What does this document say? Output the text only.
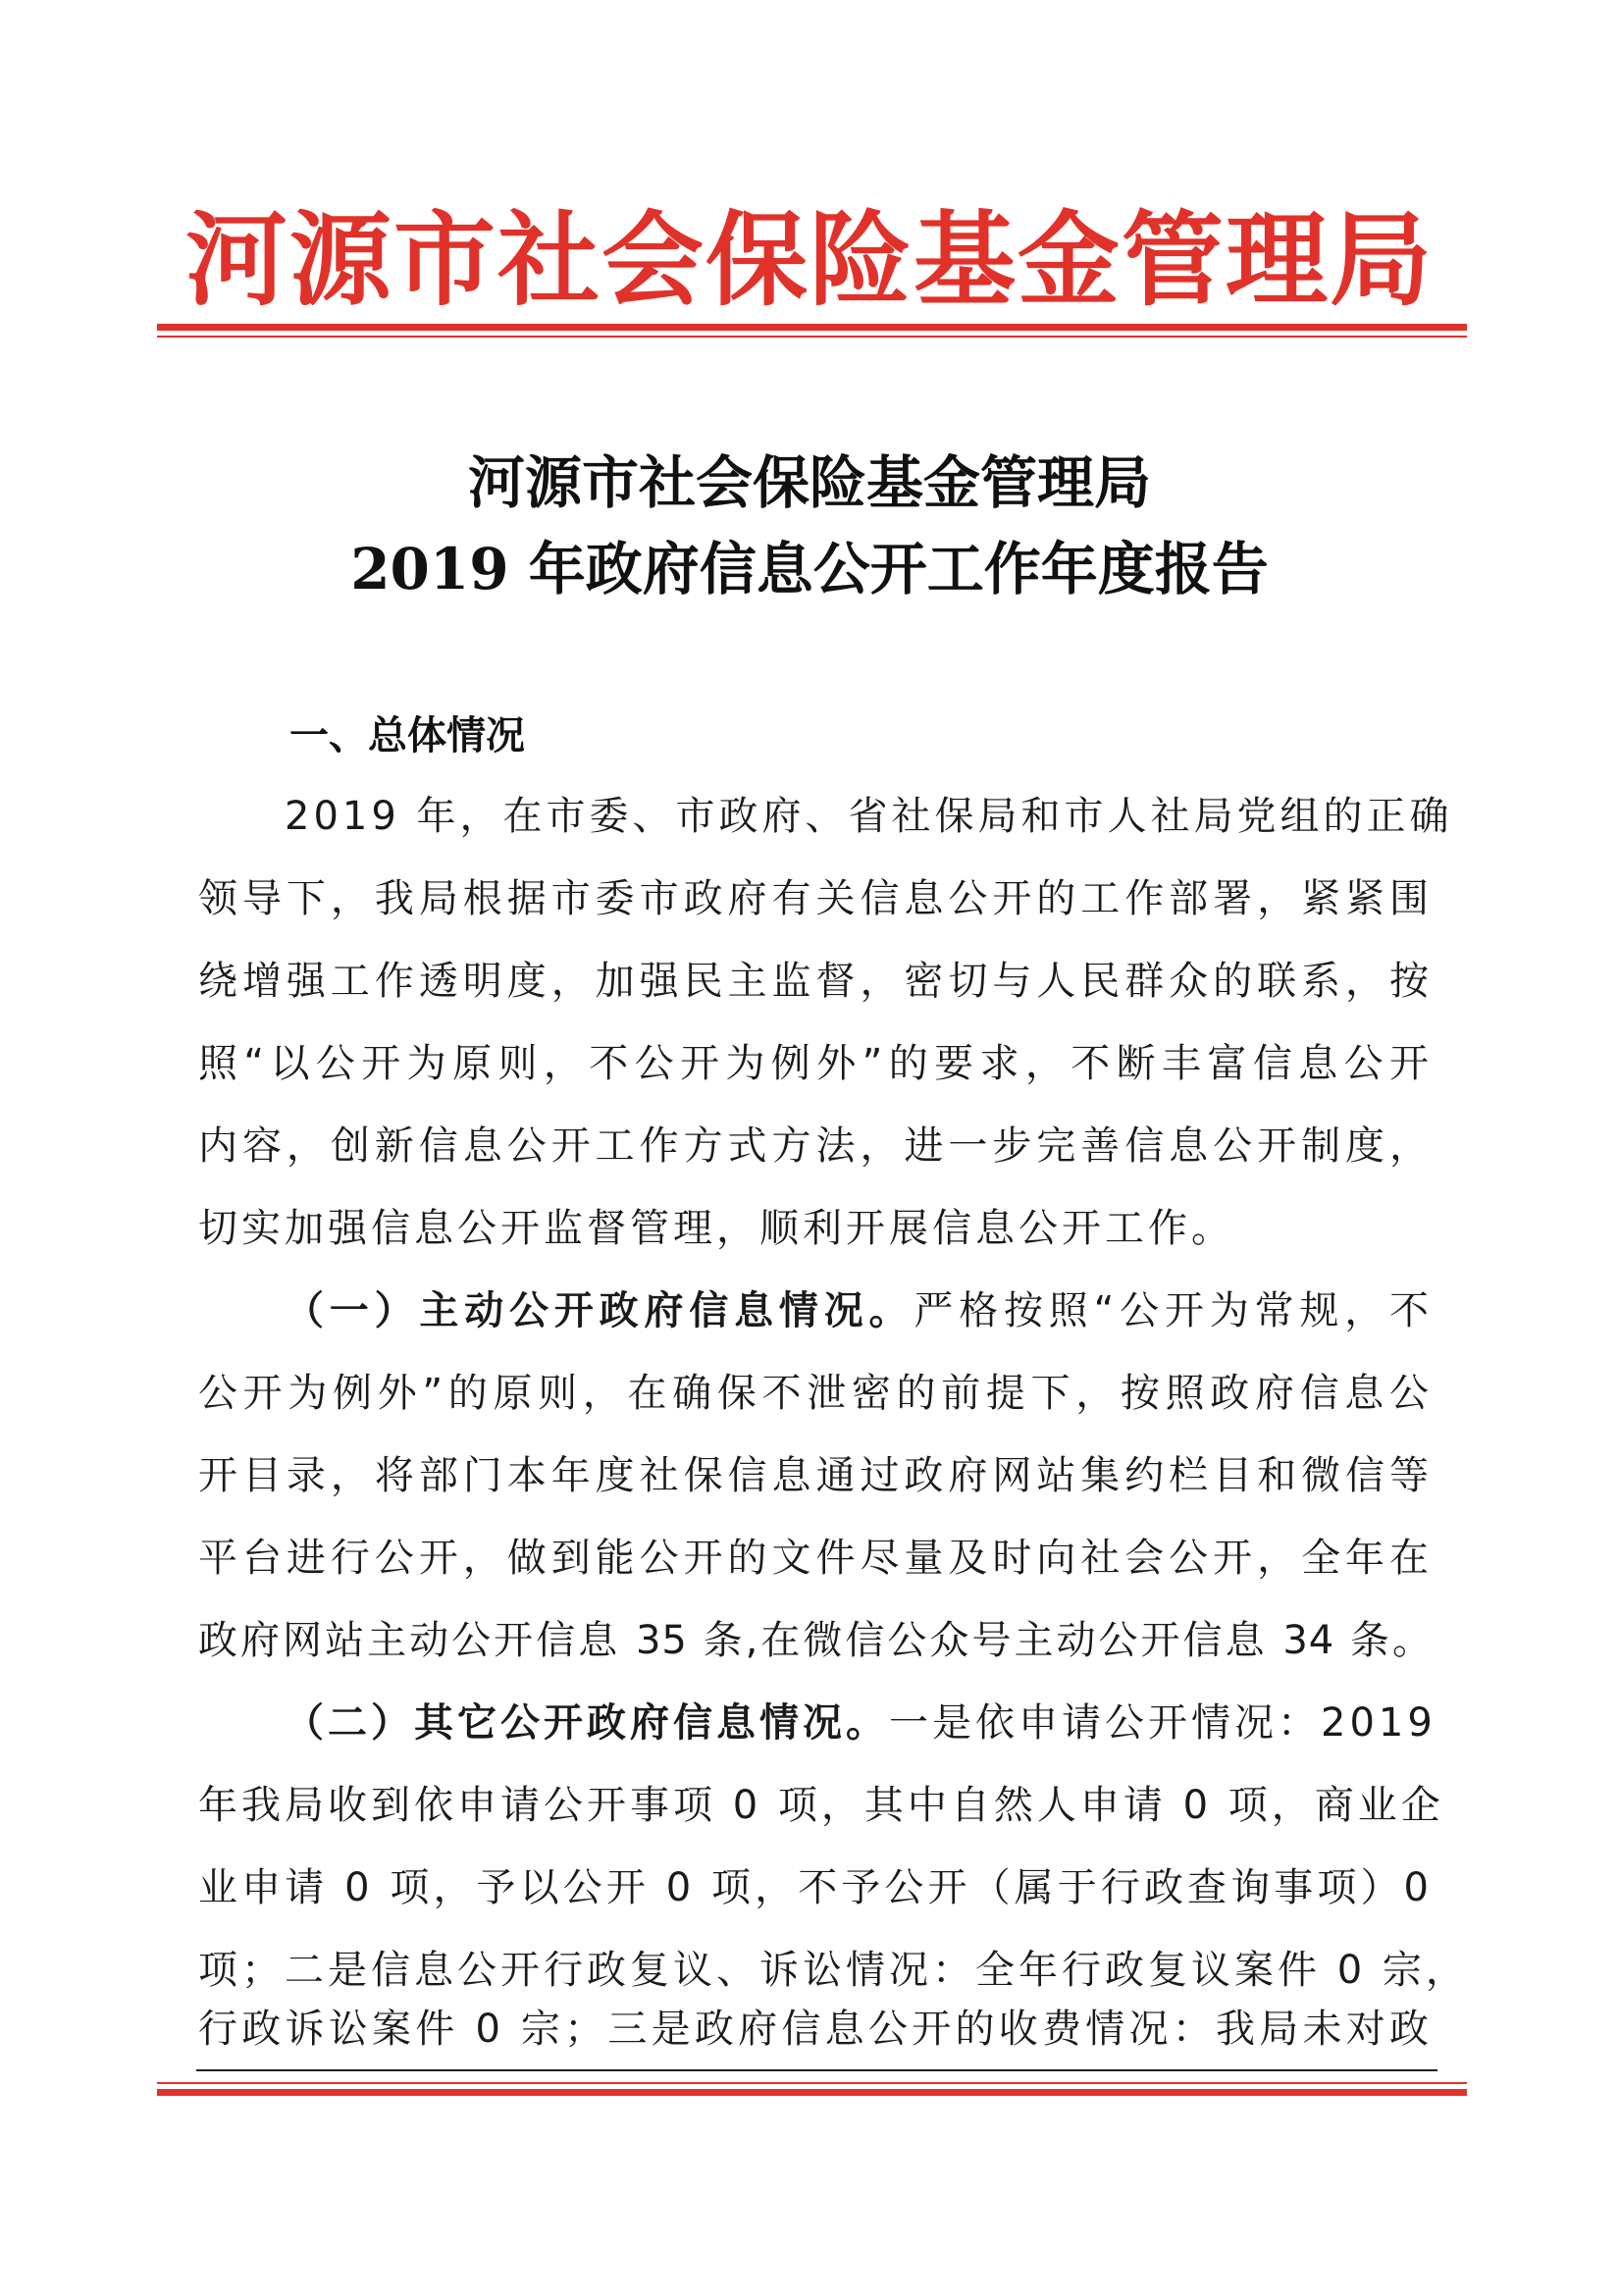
河源市社会保险基金管理局
河源市社会保险基金管理局
2019 年政府信息公开工作年度报告
一、总体情况
2019 年，在市委、市政府、省社保局和市人社局党组的正确
领导下，我局根据市委市政府有关信息公开的工作部署，紧紧围
绕增强工作透明度，加强民主监督，密切与人民群众的联系，按
照“以公开为原则，不公开为例外”的要求，不断丰富信息公开
内容，创新信息公开工作方式方法，进一步完善信息公开制度，
切实加强信息公开监督管理，顺利开展信息公开工作。
（一）主动公开政府信息情况。严格按照“公开为常规，不
公开为例外”的原则，在确保不泄密的前提下，按照政府信息公
开目录，将部门本年度社保信息通过政府网站集约栏目和微信等
平台进行公开，做到能公开的文件尽量及时向社会公开，全年在
政府网站主动公开信息 35 条,在微信公众号主动公开信息 34 条。
（二）其它公开政府信息情况。一是依申请公开情况：2019
年我局收到依申请公开事项 0 项，其中自然人申请 0 项，商业企
业申请 0 项，予以公开 0 项，不予公开（属于行政查询事项）0
项；二是信息公开行政复议、诉讼情况：全年行政复议案件 0 宗，
行政诉讼案件 0 宗；三是政府信息公开的收费情况：我局未对政
